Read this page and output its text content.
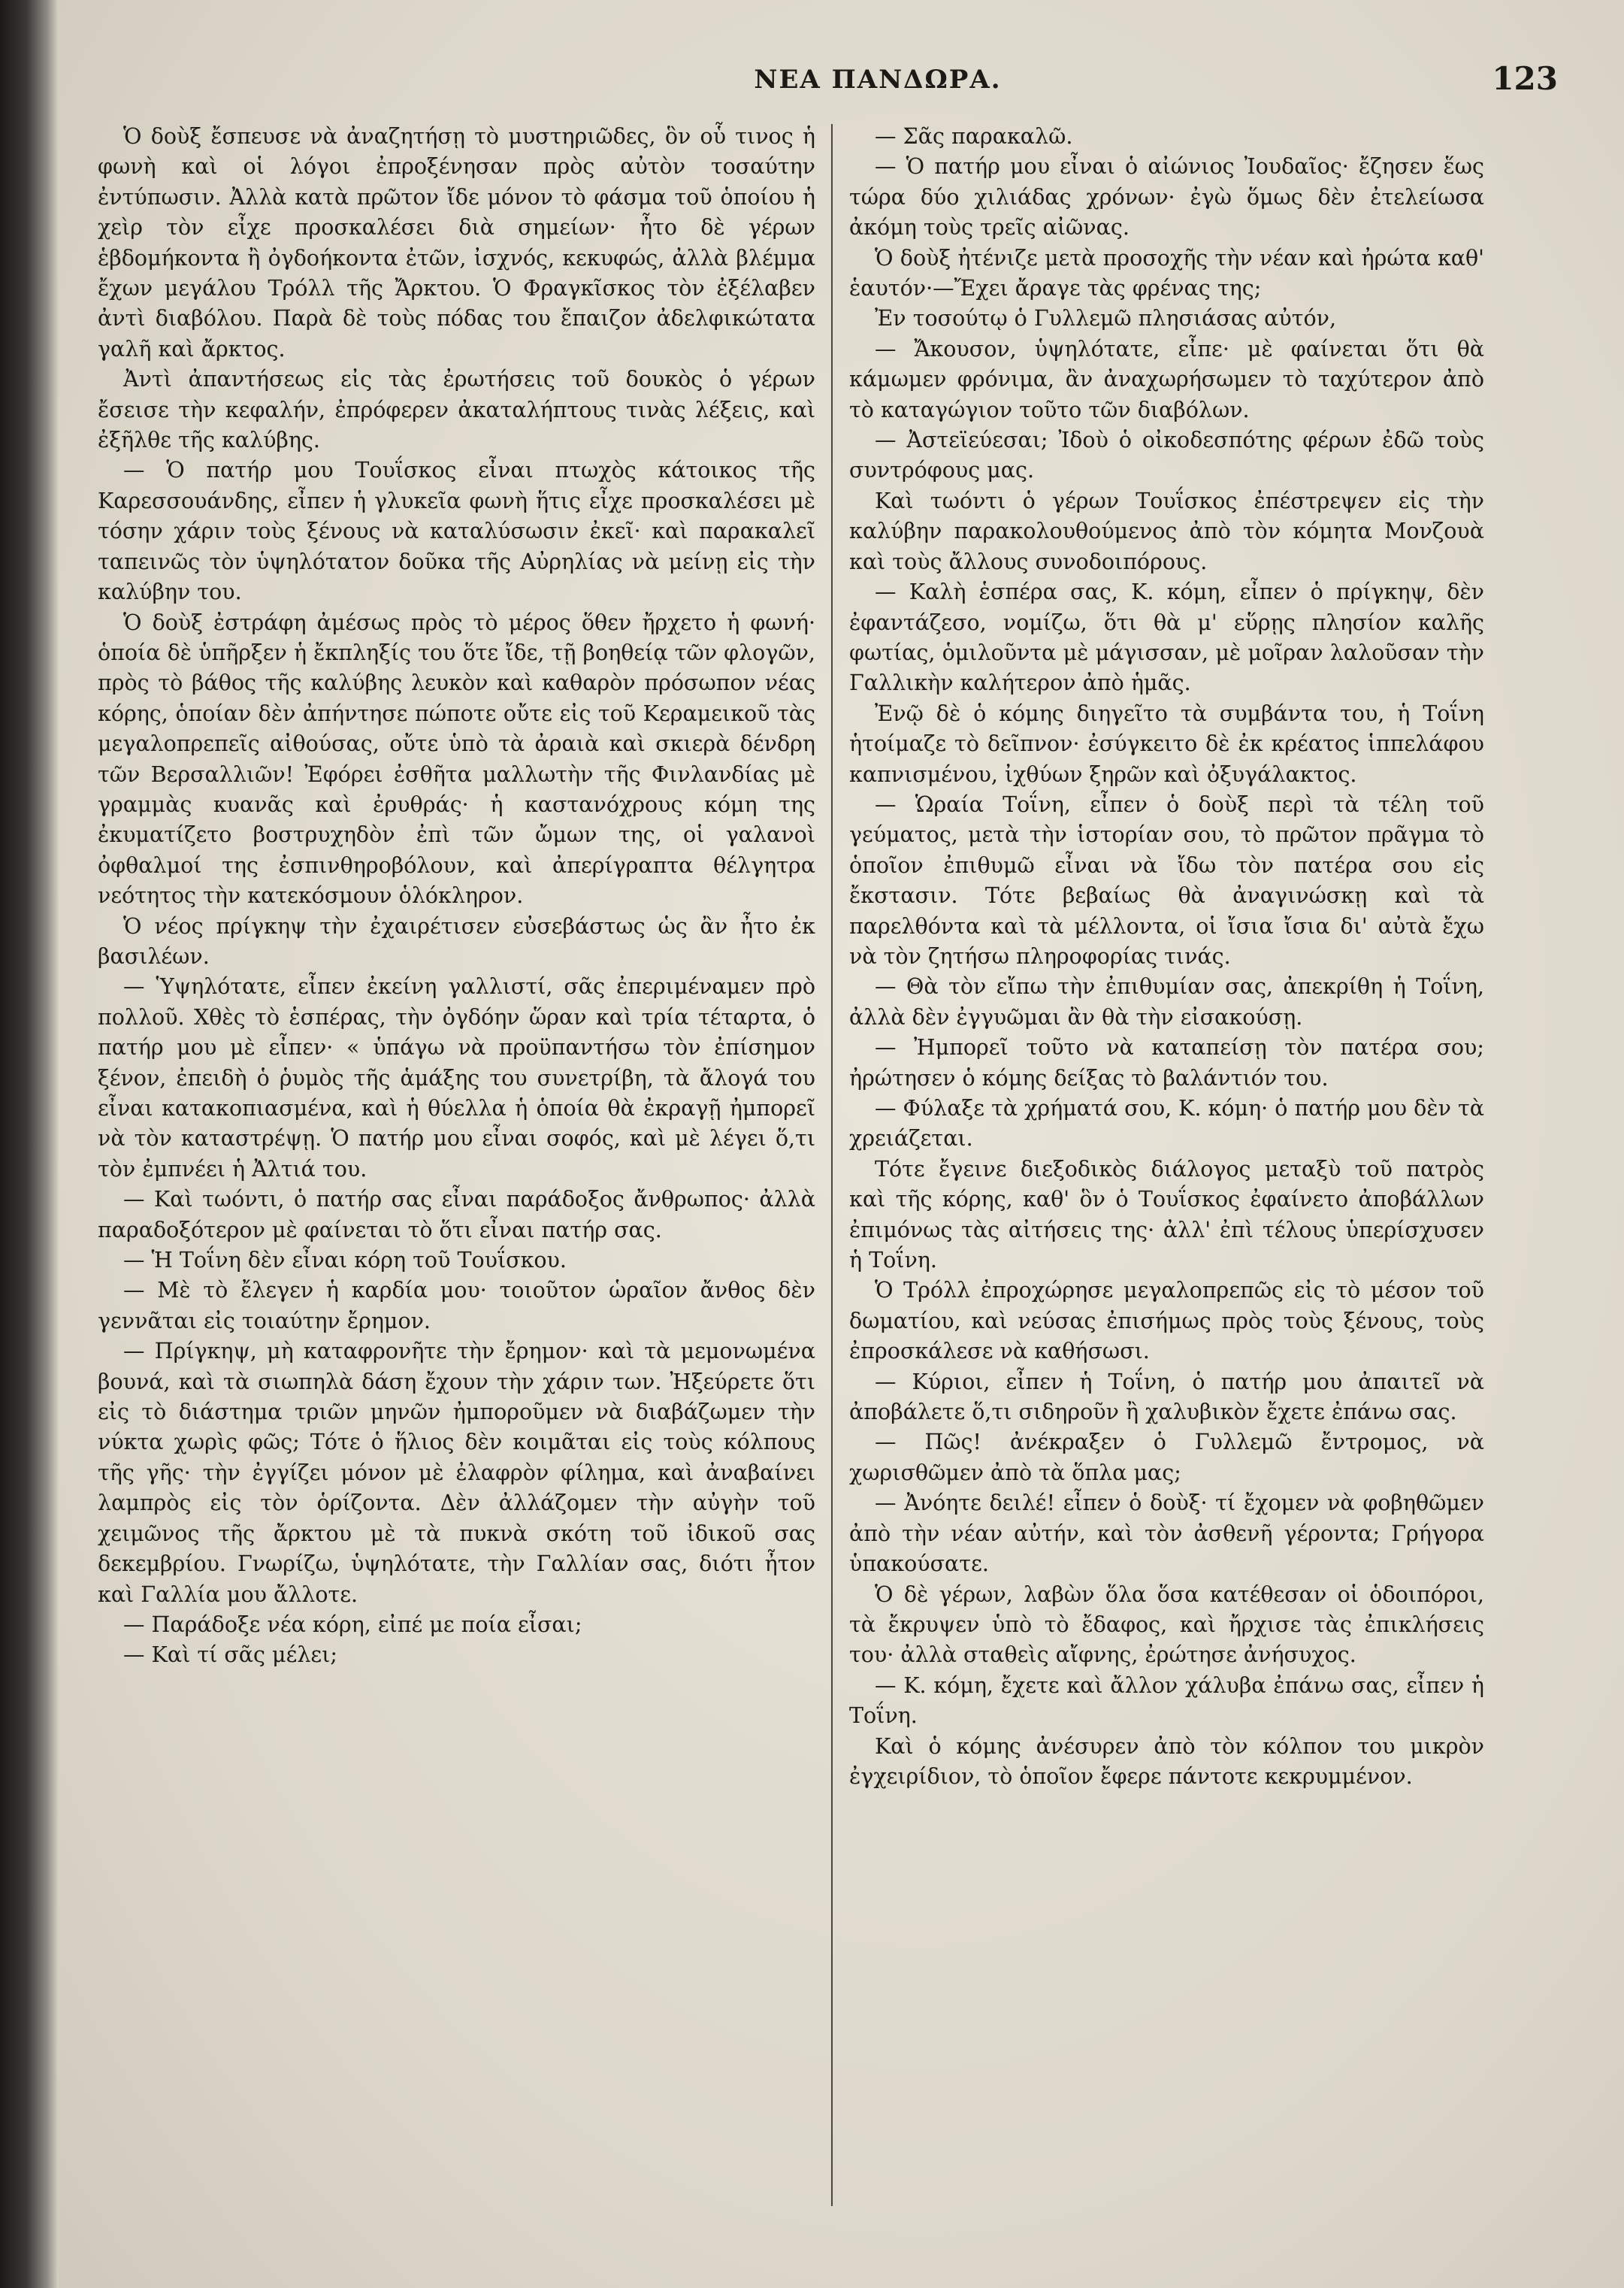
ΝΕΑ ΠΑΝΔΩΡΑ.	123

Ὁ δοὺξ ἔσπευσε νὰ ἀναζητήσῃ τὸ μυστηριῶδες, ὃν οὗ τινος ἡ φωνὴ καὶ οἱ λόγοι ἐπροξένησαν πρὸς αὐτὸν τοσαύτην ἐντύπωσιν. Ἀλλὰ κατὰ πρῶτον ἴδε μόνον τὸ φάσμα τοῦ ὁποίου ἡ χεὶρ τὸν εἶχε προσκαλέσει διὰ σημείων· ἦτο δὲ γέρων ἑβδομήκοντα ἢ ὀγδοήκοντα ἐτῶν, ἰσχνός, κεκυφώς, ἀλλὰ βλέμμα ἔχων μεγάλου Τρόλλ τῆς Ἄρκτου. Ὁ Φραγκῖσκος τὸν ἐξέλαβεν ἀντὶ διαβόλου. Παρὰ δὲ τοὺς πόδας του ἔπαιζον ἀδελφικώτατα γαλῆ καὶ ἄρκτος.

Ἀντὶ ἀπαντήσεως εἰς τὰς ἐρωτήσεις τοῦ δουκὸς ὁ γέρων ἔσεισε τὴν κεφαλήν, ἐπρόφερεν ἀκαταλήπτους τινὰς λέξεις, καὶ ἐξῆλθε τῆς καλύβης.

— Ὁ πατήρ μου Τουΐσκος εἶναι πτωχὸς κάτοικος τῆς Καρεσσουάνδης, εἶπεν ἡ γλυκεῖα φωνὴ ἥτις εἶχε προσκαλέσει μὲ τόσην χάριν τοὺς ξένους νὰ καταλύσωσιν ἐκεῖ· καὶ παρακαλεῖ ταπεινῶς τὸν ὑψηλότατον δοῦκα τῆς Αὐρηλίας νὰ μείνῃ εἰς τὴν καλύβην του.

Ὁ δοὺξ ἐστράφη ἀμέσως πρὸς τὸ μέρος ὅθεν ἤρχετο ἡ φωνή· ὁποία δὲ ὑπῆρξεν ἡ ἔκπληξίς του ὅτε ἴδε, τῇ βοηθείᾳ τῶν φλογῶν, πρὸς τὸ βάθος τῆς καλύβης λευκὸν καὶ καθαρὸν πρόσωπον νέας κόρης, ὁποίαν δὲν ἀπήντησε πώποτε οὔτε εἰς τοῦ Κεραμεικοῦ τὰς μεγαλοπρεπεῖς αἰθούσας, οὔτε ὑπὸ τὰ ἀραιὰ καὶ σκιερὰ δένδρη τῶν Βερσαλλιῶν! Ἐφόρει ἐσθῆτα μαλλωτὴν τῆς Φινλανδίας μὲ γραμμὰς κυανᾶς καὶ ἐρυθράς· ἡ καστανόχρους κόμη της ἐκυματίζετο βοστρυχηδὸν ἐπὶ τῶν ὤμων της, οἱ γαλανοὶ ὀφθαλμοί της ἐσπινθηροβόλουν, καὶ ἀπερίγραπτα θέλγητρα νεότητος τὴν κατεκόσμουν ὁλόκληρον.

Ὁ νέος πρίγκηψ τὴν ἐχαιρέτισεν εὐσεβάστως ὡς ἂν ἦτο ἐκ βασιλέων.

— Ὑψηλότατε, εἶπεν ἐκείνη γαλλιστί, σᾶς ἐπεριμέναμεν πρὸ πολλοῦ. Χθὲς τὸ ἑσπέρας, τὴν ὀγδόην ὥραν καὶ τρία τέταρτα, ὁ πατήρ μου μὲ εἶπεν· « ὑπάγω νὰ προϋπαντήσω τὸν ἐπίσημον ξένον, ἐπειδὴ ὁ ῥυμὸς τῆς ἁμάξης του συνετρίβη, τὰ ἄλογά του εἶναι κατακοπιασμένα, καὶ ἡ θύελλα ἡ ὁποία θὰ ἐκραγῇ ἠμπορεῖ νὰ τὸν καταστρέψῃ. Ὁ πατήρ μου εἶναι σοφός, καὶ μὲ λέγει ὅ,τι τὸν ἐμπνέει ἡ Ἀλτιά του.

— Καὶ τωόντι, ὁ πατήρ σας εἶναι παράδοξος ἄνθρωπος· ἀλλὰ παραδοξότερον μὲ φαίνεται τὸ ὅτι εἶναι πατήρ σας.

— Ἡ Τοΐνη δὲν εἶναι κόρη τοῦ Τουΐσκου.

— Μὲ τὸ ἔλεγεν ἡ καρδία μου· τοιοῦτον ὡραῖον ἄνθος δὲν γεννᾶται εἰς τοιαύτην ἔρημον.

— Πρίγκηψ, μὴ καταφρονῆτε τὴν ἔρημον· καὶ τὰ μεμονωμένα βουνά, καὶ τὰ σιωπηλὰ δάση ἔχουν τὴν χάριν των. Ἠξεύρετε ὅτι εἰς τὸ διάστημα τριῶν μηνῶν ἠμποροῦμεν νὰ διαβάζωμεν τὴν νύκτα χωρὶς φῶς; Τότε ὁ ἥλιος δὲν κοιμᾶται εἰς τοὺς κόλπους τῆς γῆς· τὴν ἐγγίζει μόνον μὲ ἐλαφρὸν φίλημα, καὶ ἀναβαίνει λαμπρὸς εἰς τὸν ὁρίζοντα. Δὲν ἀλλάζομεν τὴν αὐγὴν τοῦ χειμῶνος τῆς ἄρκτου μὲ τὰ πυκνὰ σκότη τοῦ ἰδικοῦ σας δεκεμβρίου. Γνωρίζω, ὑψηλότατε, τὴν Γαλλίαν σας, διότι ἦτον καὶ Γαλλία μου ἄλλοτε.

— Παράδοξε νέα κόρη, εἰπέ με ποία εἶσαι;

— Καὶ τί σᾶς μέλει;

— Σᾶς παρακαλῶ.

— Ὁ πατήρ μου εἶναι ὁ αἰώνιος Ἰουδαῖος· ἔζησεν ἕως τώρα δύο χιλιάδας χρόνων· ἐγὼ ὅμως δὲν ἐτελείωσα ἀκόμη τοὺς τρεῖς αἰῶνας.

Ὁ δοὺξ ἠτένιζε μετὰ προσοχῆς τὴν νέαν καὶ ἠρώτα καθ' ἑαυτόν·—Ἔχει ἄραγε τὰς φρένας της;

Ἐν τοσούτῳ ὁ Γυλλεμῶ πλησιάσας αὐτόν,

— Ἄκουσον, ὑψηλότατε, εἶπε· μὲ φαίνεται ὅτι θὰ κάμωμεν φρόνιμα, ἂν ἀναχωρήσωμεν τὸ ταχύτερον ἀπὸ τὸ καταγώγιον τοῦτο τῶν διαβόλων.

— Ἀστεϊεύεσαι; Ἰδοὺ ὁ οἰκοδεσπότης φέρων ἐδῶ τοὺς συντρόφους μας.

Καὶ τωόντι ὁ γέρων Τουΐσκος ἐπέστρεψεν εἰς τὴν καλύβην παρακολουθούμενος ἀπὸ τὸν κόμητα Μονζουὰ καὶ τοὺς ἄλλους συνοδοιπόρους.

— Καλὴ ἑσπέρα σας, Κ. κόμη, εἶπεν ὁ πρίγκηψ, δὲν ἐφαντάζεσο, νομίζω, ὅτι θὰ μ' εὕρῃς πλησίον καλῆς φωτίας, ὁμιλοῦντα μὲ μάγισσαν, μὲ μοῖραν λαλοῦσαν τὴν Γαλλικὴν καλήτερον ἀπὸ ἡμᾶς.

Ἐνῷ δὲ ὁ κόμης διηγεῖτο τὰ συμβάντα του, ἡ Τοΐνη ἡτοίμαζε τὸ δεῖπνον· ἐσύγκειτο δὲ ἐκ κρέατος ἱππελάφου καπνισμένου, ἰχθύων ξηρῶν καὶ ὀξυγάλακτος.

— Ὡραία Τοΐνη, εἶπεν ὁ δοὺξ περὶ τὰ τέλη τοῦ γεύματος, μετὰ τὴν ἱστορίαν σου, τὸ πρῶτον πρᾶγμα τὸ ὁποῖον ἐπιθυμῶ εἶναι νὰ ἴδω τὸν πατέρα σου εἰς ἔκστασιν. Τότε βεβαίως θὰ ἀναγινώσκῃ καὶ τὰ παρελθόντα καὶ τὰ μέλλοντα, οἱ ἴσια ἴσια δι' αὐτὰ ἔχω νὰ τὸν ζητήσω πληροφορίας τινάς.

— Θὰ τὸν εἴπω τὴν ἐπιθυμίαν σας, ἀπεκρίθη ἡ Τοΐνη, ἀλλὰ δὲν ἐγγυῶμαι ἂν θὰ τὴν εἰσακούσῃ.

— Ἠμπορεῖ τοῦτο νὰ καταπείσῃ τὸν πατέρα σου; ἠρώτησεν ὁ κόμης δείξας τὸ βαλάντιόν του.

— Φύλαξε τὰ χρήματά σου, Κ. κόμη· ὁ πατήρ μου δὲν τὰ χρειάζεται.

Τότε ἔγεινε διεξοδικὸς διάλογος μεταξὺ τοῦ πατρὸς καὶ τῆς κόρης, καθ' ὃν ὁ Τουΐσκος ἐφαίνετο ἀποβάλλων ἐπιμόνως τὰς αἰτήσεις της· ἀλλ' ἐπὶ τέλους ὑπερίσχυσεν ἡ Τοΐνη.

Ὁ Τρόλλ ἐπροχώρησε μεγαλοπρεπῶς εἰς τὸ μέσον τοῦ δωματίου, καὶ νεύσας ἐπισήμως πρὸς τοὺς ξένους, τοὺς ἐπροσκάλεσε νὰ καθήσωσι.

— Κύριοι, εἶπεν ἡ Τοΐνη, ὁ πατήρ μου ἀπαιτεῖ νὰ ἀποβάλετε ὅ,τι σιδηροῦν ἢ χαλυβικὸν ἔχετε ἐπάνω σας.

— Πῶς! ἀνέκραξεν ὁ Γυλλεμῶ ἔντρομος, νὰ χωρισθῶμεν ἀπὸ τὰ ὅπλα μας;

— Ἀνόητε δειλέ! εἶπεν ὁ δοὺξ· τί ἔχομεν νὰ φοβηθῶμεν ἀπὸ τὴν νέαν αὐτήν, καὶ τὸν ἀσθενῆ γέροντα; Γρήγορα ὑπακούσατε.

Ὁ δὲ γέρων, λαβὼν ὅλα ὅσα κατέθεσαν οἱ ὁδοιπόροι, τὰ ἔκρυψεν ὑπὸ τὸ ἔδαφος, καὶ ἤρχισε τὰς ἐπικλήσεις του· ἀλλὰ σταθεὶς αἴφνης, ἐρώτησε ἀνήσυχος.

— Κ. κόμη, ἔχετε καὶ ἄλλον χάλυβα ἐπάνω σας, εἶπεν ἡ Τοΐνη.

Καὶ ὁ κόμης ἀνέσυρεν ἀπὸ τὸν κόλπον του μικρὸν ἐγχειρίδιον, τὸ ὁποῖον ἔφερε πάντοτε κεκρυμμένον.
